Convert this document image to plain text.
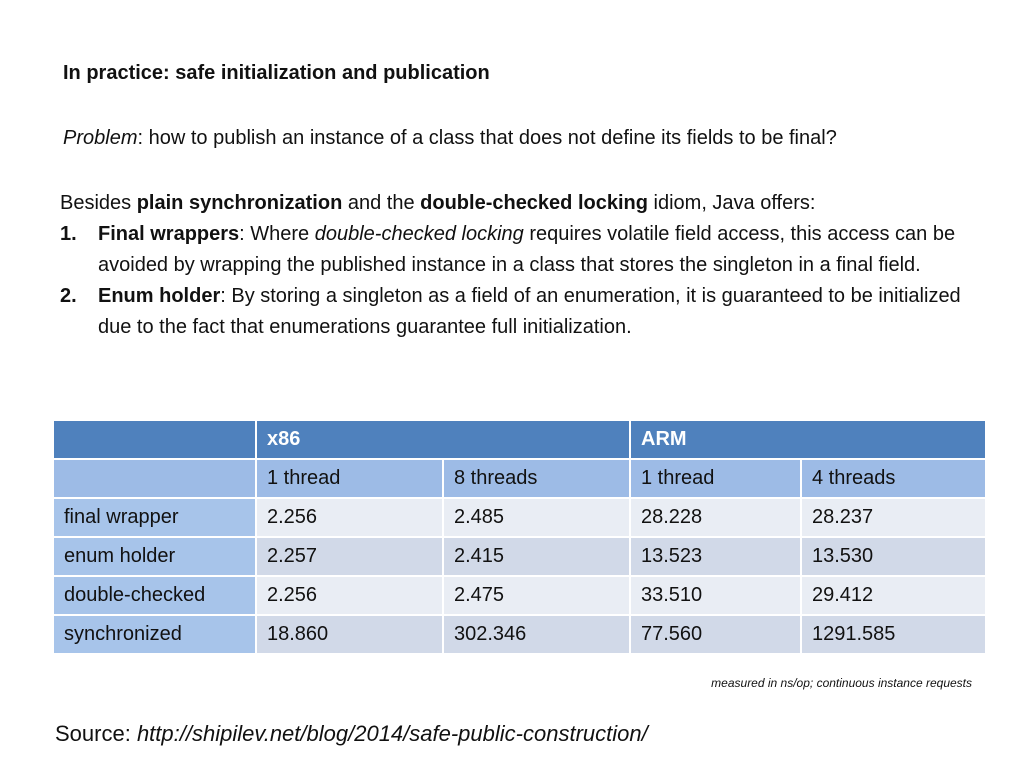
In practice: safe initialization and publication
Problem: how to publish an instance of a class that does not define its fields to be final?
Besides plain synchronization and the double-checked locking idiom, Java offers:
1. Final wrappers: Where double-checked locking requires volatile field access, this access can be avoided by wrapping the published instance in a class that stores the singleton in a final field.
2. Enum holder: By storing a singleton as a field of an enumeration, it is guaranteed to be initialized due to the fact that enumerations guarantee full initialization.
	x86		ARM	
	1 thread	8 threads	1 thread	4 threads
final wrapper	2.256	2.485	28.228	28.237
enum holder	2.257	2.415	13.523	13.530
double-checked	2.256	2.475	33.510	29.412
synchronized	18.860	302.346	77.560	1291.585
measured in ns/op; continuous instance requests
Source: http://shipilev.net/blog/2014/safe-public-construction/
